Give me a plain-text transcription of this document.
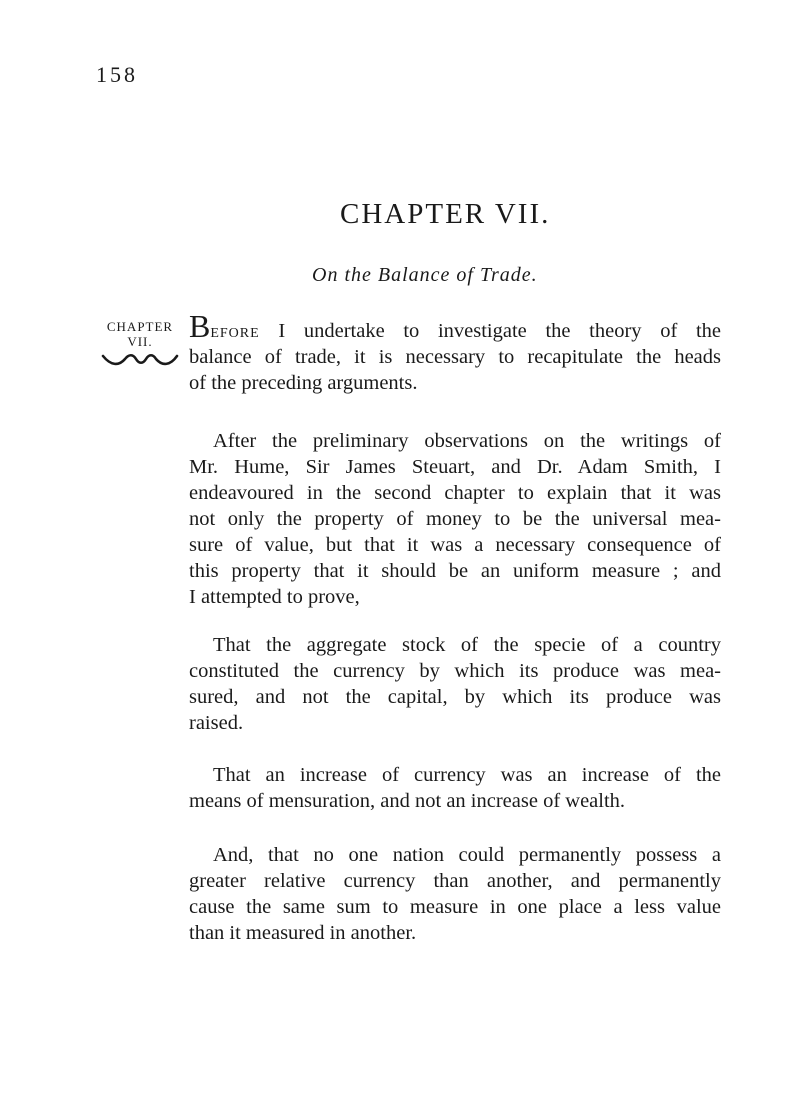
158
CHAPTER VII.
On the Balance of Trade.
CHAPTER
VII.	Before I undertake to investigate the theory of the
balance of trade, it is necessary to recapitulate the heads
of the preceding arguments.
After the preliminary observations on the writings of
Mr. Hume, Sir James Steuart, and Dr. Adam Smith, I
endeavoured in the second chapter to explain that it was
not only the property of money to be the universal mea-
sure of value, but that it was a necessary consequence of
this property that it should be an uniform measure ; and
I attempted to prove,
That the aggregate stock of the specie of a country
constituted the currency by which its produce was mea-
sured, and not the capital, by which its produce was
raised.
That an increase of currency was an increase of the
means of mensuration, and not an increase of wealth.
And, that no one nation could permanently possess a
greater relative currency than another, and permanently
cause the same sum to measure in one place a less value
than it measured in another.
